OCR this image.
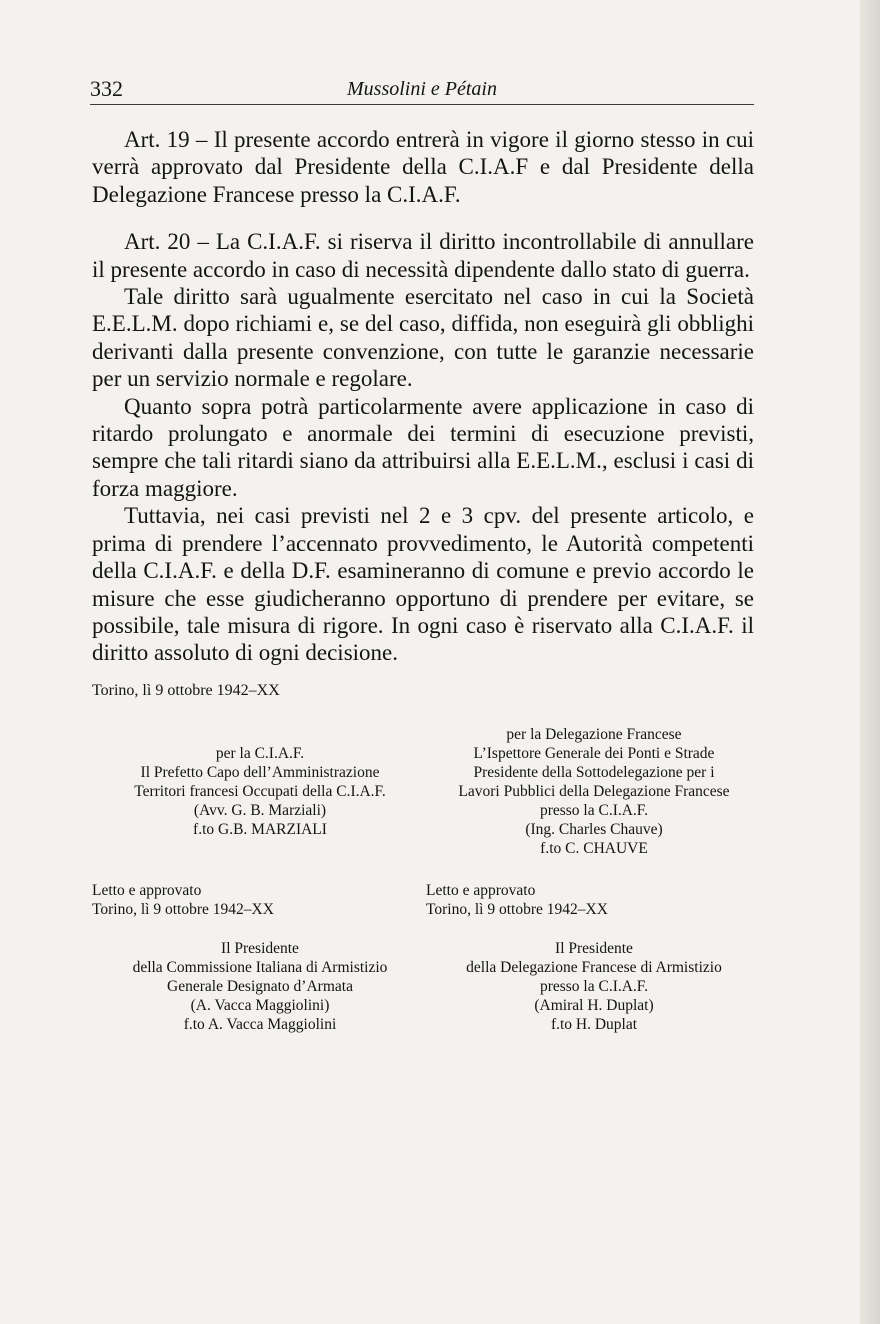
332	Mussolini e Pétain

Art. 19 – Il presente accordo entrerà in vigore il giorno stesso in cui verrà approvato dal Presidente della C.I.A.F e dal Presidente della Delegazione Francese presso la C.I.A.F.

Art. 20 – La C.I.A.F. si riserva il diritto incontrollabile di annullare il presente accordo in caso di necessità dipendente dallo stato di guerra.

Tale diritto sarà ugualmente esercitato nel caso in cui la Società E.E.L.M. dopo richiami e, se del caso, diffida, non eseguirà gli obblighi derivanti dalla presente convenzione, con tutte le garanzie necessarie per un servizio normale e regolare.

Quanto sopra potrà particolarmente avere applicazione in caso di ritardo prolungato e anormale dei termini di esecuzione previsti, sempre che tali ritardi siano da attribuirsi alla E.E.L.M., esclusi i casi di forza maggiore.

Tuttavia, nei casi previsti nel 2 e 3 cpv. del presente articolo, e prima di prendere l’accennato provvedimento, le Autorità competenti della C.I.A.F. e della D.F. esamineranno di comune e previo accordo le misure che esse giudicheranno opportuno di prendere per evitare, se possibile, tale misura di rigore. In ogni caso è riservato alla C.I.A.F. il diritto assoluto di ogni decisione.

Torino, lì 9 ottobre 1942–XX
per la C.I.A.F.
Il Prefetto Capo dell’Amministrazione
Territori francesi Occupati della C.I.A.F.
(Avv. G. B. Marziali)
f.to G.B. MARZIALI
per la Delegazione Francese
L’Ispettore Generale dei Ponti e Strade
Presidente della Sottodelegazione per i
Lavori Pubblici della Delegazione Francese
presso la C.I.A.F.
(Ing. Charles Chauve)
f.to C. CHAUVE
Letto e approvato
Torino, lì 9 ottobre 1942–XX
Letto e approvato
Torino, lì 9 ottobre 1942–XX
Il Presidente
della Commissione Italiana di Armistizio
Generale Designato d’Armata
(A. Vacca Maggiolini)
f.to A. Vacca Maggiolini
Il Presidente
della Delegazione Francese di Armistizio
presso la C.I.A.F.
(Amiral H. Duplat)
f.to H. Duplat
